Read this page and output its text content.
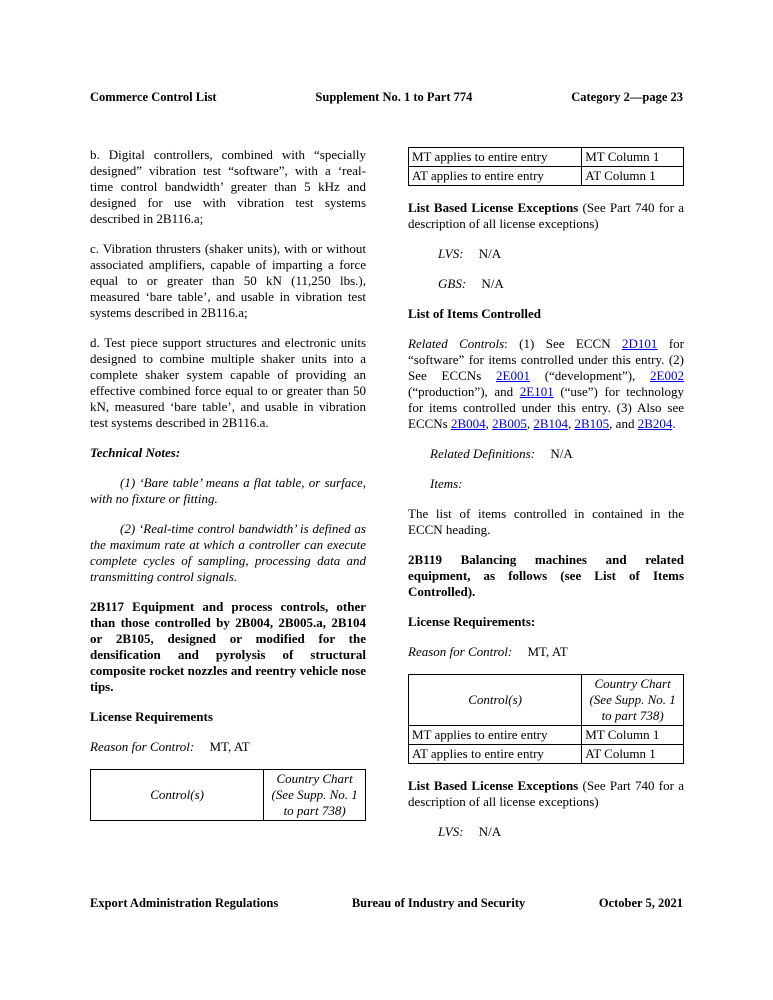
Commerce Control List	Supplement No. 1 to Part 774	Category 2—page 23

b. Digital controllers, combined with “specially designed” vibration test “software”, with a ‘real-time control bandwidth’ greater than 5 kHz and designed for use with vibration test systems described in 2B116.a;

c. Vibration thrusters (shaker units), with or without associated amplifiers, capable of imparting a force equal to or greater than 50 kN (11,250 lbs.), measured ‘bare table’, and usable in vibration test systems described in 2B116.a;

d. Test piece support structures and electronic units designed to combine multiple shaker units into a complete shaker system capable of providing an effective combined force equal to or greater than 50 kN, measured ‘bare table’, and usable in vibration test systems described in 2B116.a.

Technical Notes:

(1) ‘Bare table’ means a flat table, or surface, with no fixture or fitting.

(2) ‘Real-time control bandwidth’ is defined as the maximum rate at which a controller can execute complete cycles of sampling, processing data and transmitting control signals.

2B117 Equipment and process controls, other than those controlled by 2B004, 2B005.a, 2B104 or 2B105, designed or modified for the densification and pyrolysis of structural composite rocket nozzles and reentry vehicle nose tips.

License Requirements

Reason for Control: MT, AT

Control(s)	Country Chart (See Supp. No. 1 to part 738)
MT applies to entire entry	MT Column 1
AT applies to entire entry	AT Column 1

List Based License Exceptions (See Part 740 for a description of all license exceptions)

LVS: N/A

GBS: N/A

List of Items Controlled

Related Controls: (1) See ECCN 2D101 for “software” for items controlled under this entry. (2) See ECCNs 2E001 (“development”), 2E002 (“production”), and 2E101 (“use”) for technology for items controlled under this entry. (3) Also see ECCNs 2B004, 2B005, 2B104, 2B105, and 2B204.

Related Definitions: N/A

Items:

The list of items controlled in contained in the ECCN heading.

2B119 Balancing machines and related equipment, as follows (see List of Items Controlled).

License Requirements:

Reason for Control: MT, AT

Control(s)	Country Chart (See Supp. No. 1 to part 738)
MT applies to entire entry	MT Column 1
AT applies to entire entry	AT Column 1

List Based License Exceptions (See Part 740 for a description of all license exceptions)

LVS: N/A

Export Administration Regulations	Bureau of Industry and Security	October 5, 2021
